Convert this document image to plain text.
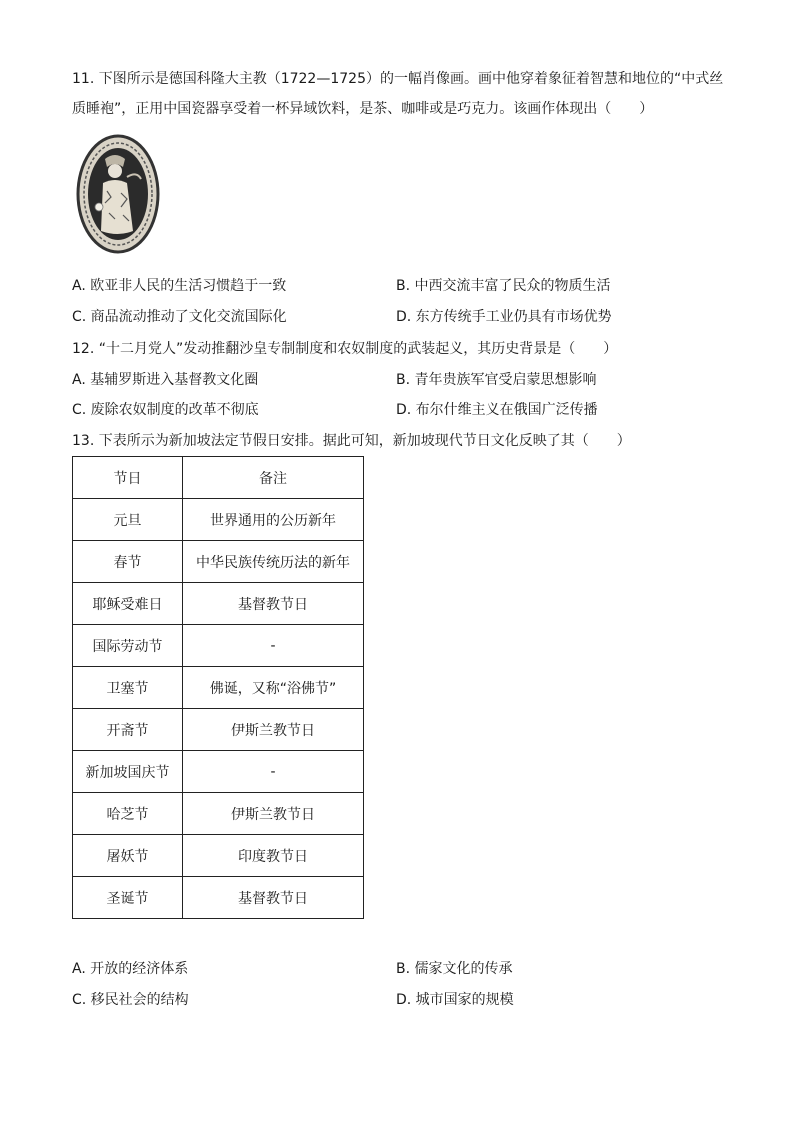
11. 下图所示是德国科隆大主教（1722—1725）的一幅肖像画。画中他穿着象征着智慧和地位的“中式丝
质睡袍”，正用中国瓷器享受着一杯异域饮料，是茶、咖啡或是巧克力。该画作体现出（　　）
A. 欧亚非人民的生活习惯趋于一致	B. 中西交流丰富了民众的物质生活
C. 商品流动推动了文化交流国际化	D. 东方传统手工业仍具有市场优势
12. “十二月党人”发动推翻沙皇专制制度和农奴制度的武装起义，其历史背景是（　　）
A. 基辅罗斯进入基督教文化圈	B. 青年贵族军官受启蒙思想影响
C. 废除农奴制度的改革不彻底	D. 布尔什维主义在俄国广泛传播
13. 下表所示为新加坡法定节假日安排。据此可知，新加坡现代节日文化反映了其（　　）
节日	备注
元旦	世界通用的公历新年
春节	中华民族传统历法的新年
耶稣受难日	基督教节日
国际劳动节	-
卫塞节	佛诞，又称“浴佛节”
开斋节	伊斯兰教节日
新加坡国庆节	-
哈芝节	伊斯兰教节日
屠妖节	印度教节日
圣诞节	基督教节日
A. 开放的经济体系	B. 儒家文化的传承
C. 移民社会的结构	D. 城市国家的规模
